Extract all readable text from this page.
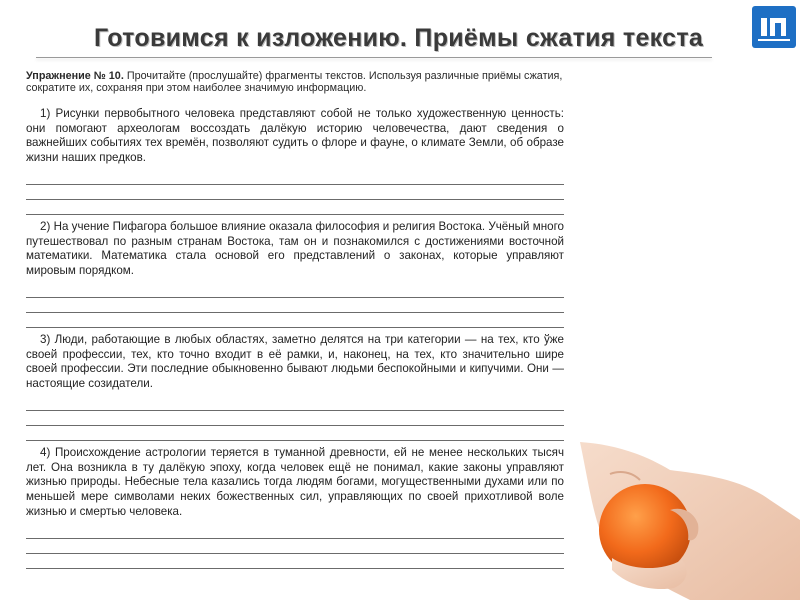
Готовимся к изложению. Приёмы сжатия текста
Упражнение № 10. Прочитайте (прослушайте) фрагменты текстов. Используя различные приёмы сжатия, сократите их, сохраняя при этом наиболее значимую информацию.
1) Рисунки первобытного человека представляют собой не только художественную ценность: они помогают археологам воссоздать далёкую историю человечества, дают сведения о важнейших событиях тех времён, позволяют судить о флоре и фауне, о климате Земли, об образе жизни наших предков.
2) На учение Пифагора большое влияние оказала философия и религия Востока. Учёный много путешествовал по разным странам Востока, там он и познакомился с достижениями восточной математики. Математика стала основой его представлений о законах, которые управляют мировым порядком.
3) Люди, работающие в любых областях, заметно делятся на три категории — на тех, кто ўже своей профессии, тех, кто точно входит в её рамки, и, наконец, на тех, кто значительно шире своей профессии. Эти последние обыкновенно бывают людьми беспокойными и кипучими. Они — настоящие созидатели.
4) Происхождение астрологии теряется в туманной древности, ей не менее нескольких тысяч лет. Она возникла в ту далёкую эпоху, когда человек ещё не понимал, какие законы управляют жизнью природы. Небесные тела казались тогда людям богами, могущественными духами или по меньшей мере символами неких божественных сил, управляющих по своей прихотливой воле жизнью и смертью человека.
